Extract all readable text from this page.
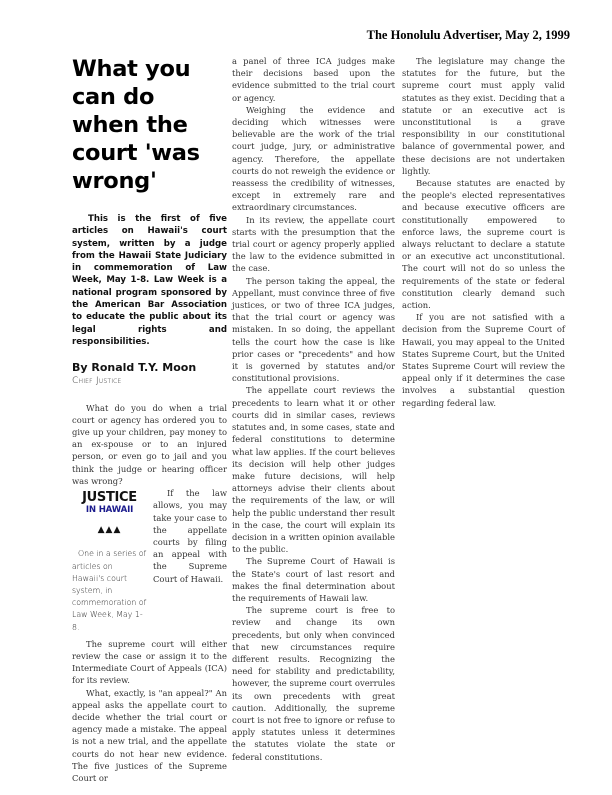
The Honolulu Advertiser, May 2, 1999
What you can do when the court 'was wrong'

This is the first of five articles on Hawaii's court system, written by a judge from the Hawaii State Judiciary in commemoration of Law Week, May 1-8. Law Week is a national program sponsored by the American Bar Association to educate the public about its legal rights and responsibilities.

By Ronald T.Y. Moon

Chief Justice

What do you do when a trial court or agency has ordered you to give up your children, pay money to an ex-spouse or to an injured person, or even go to jail and you think the judge or hearing officer was wrong?

JUSTICE
IN HAWAII
▲▲▲
One in a series of articles on Hawaii's court system, in commemoration of Law Week, May 1-8.

If the law allows, you may take your case to the appellate courts by filing an appeal with the Supreme Court of Hawaii.

The supreme court will either review the case or assign it to the Intermediate Court of Appeals (ICA) for its review.

What, exactly, is "an appeal?" An appeal asks the appellate court to decide whether the trial court or agency made a mistake. The appeal is not a new trial, and the appellate courts do not hear new evidence. The five justices of the Supreme Court or

a panel of three ICA judges make their decisions based upon the evidence submitted to the trial court or agency.

Weighing the evidence and deciding which witnesses were believable are the work of the trial court judge, jury, or administrative agency. Therefore, the appellate courts do not reweigh the evidence or reassess the credibility of witnesses, except in extremely rare and extraordinary circumstances.

In its review, the appellate court starts with the presumption that the trial court or agency properly applied the law to the evidence submitted in the case.

The person taking the appeal, the Appellant, must convince three of five justices, or two of three ICA judges, that the trial court or agency was mistaken. In so doing, the appellant tells the court how the case is like prior cases or "precedents" and how it is governed by statutes and/or constitutional provisions.

The appellate court reviews the precedents to learn what it or other courts did in similar cases, reviews statutes and, in some cases, state and federal constitutions to determine what law applies. If the court believes its decision will help other judges make future decisions, will help attorneys advise their clients about the requirements of the law, or will help the public understand ther result in the case, the court will explain its decision in a written opinion available to the public.

The Supreme Court of Hawaii is the State's court of last resort and makes the final determination about the requirements of Hawaii law.

The supreme court is free to review and change its own precedents, but only when convinced that new circumstances require different results. Recognizing the need for stability and predictability, however, the supreme court overrules its own precedents with great caution. Additionally, the supreme court is not free to ignore or refuse to apply statutes unless it determines the statutes violate the state or federal constitutions.

The legislature may change the statutes for the future, but the supreme court must apply valid statutes as they exist. Deciding that a statute or an executive act is unconstitutional is a grave responsibility in our constitutional balance of governmental power, and these decisions are not undertaken lightly.

Because statutes are enacted by the people's elected representatives and because executive officers are constitutionally empowered to enforce laws, the supreme court is always reluctant to declare a statute or an executive act unconstitutional. The court will not do so unless the requirements of the state or federal constitution clearly demand such action.

If you are not satisfied with a decision from the Supreme Court of Hawaii, you may appeal to the United States Supreme Court, but the United States Supreme Court will review the appeal only if it determines the case involves a substantial question regarding federal law.
